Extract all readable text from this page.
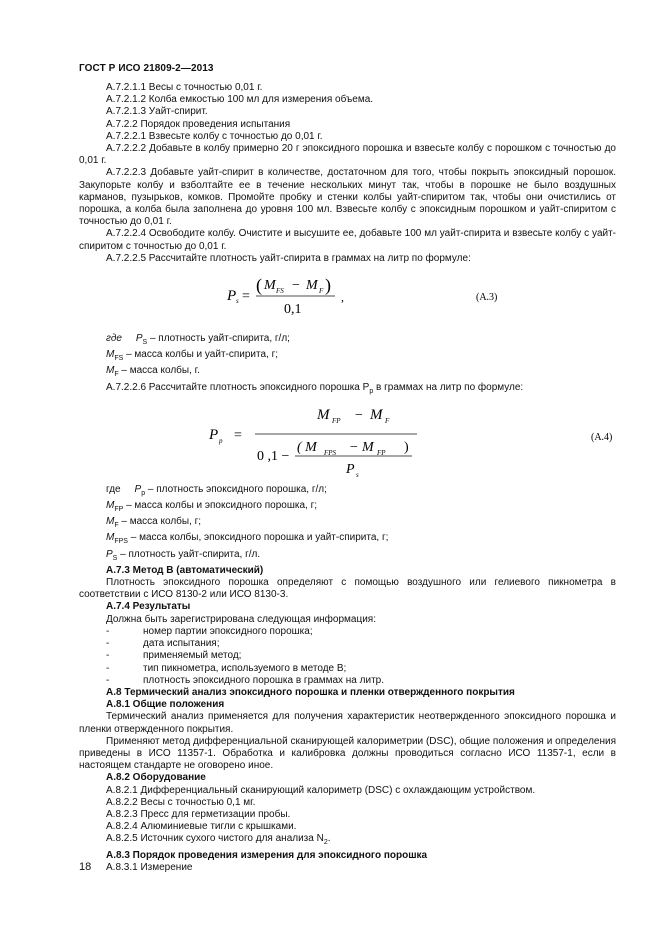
ГОСТ Р ИСО 21809-2—2013

А.7.2.1.1 Весы с точностью 0,01 г.

А.7.2.1.2 Колба емкостью 100 мл для измерения объема.

А.7.2.1.3 Уайт-спирит.

А.7.2.2 Порядок проведения испытания

А.7.2.2.1 Взвесьте колбу с точностью до 0,01 г.

А.7.2.2.2 Добавьте в колбу примерно 20 г эпоксидного порошка и взвесьте колбу с порошком с точностью до 0,01 г.

А.7.2.2.3 Добавьте уайт-спирит в количестве, достаточном для того, чтобы покрыть эпоксидный порошок. Закупорьте колбу и взболтайте ее в течение нескольких минут так, чтобы в порошке не было воздушных карманов, пузырьков, комков. Промойте пробку и стенки колбы уайт-спиритом так, чтобы они очистились от порошка, а колба была заполнена до уровня 100 мл. Взвесьте колбу с эпоксидным порошком и уайт-спиритом с точностью до 0,01 г.

А.7.2.2.4 Освободите колбу. Очистите и высушите ее, добавьте 100 мл уайт-спирита и взвесьте колбу с уайт-спиритом с точностью до 0,01 г.

А.7.2.2.5 Рассчитайте плотность уайт-спирита в граммах на литр по формуле:

P s =
( M FS − M F )
0,1
,	(А.3)
где $P_S$ – плотность уайт-спирита, г/л;
$M_{FS}$ – масса колбы и уайт-спирита, г;
$M_F$ – масса колбы, г.

А.7.2.2.6 Рассчитайте плотность эпоксидного порошка $P_p$ в граммах на литр по формуле:

P p =
M FP − M F
0 ,1 −
( M FPS − M FP )
P s
(А.4)
где $P_p$ – плотность эпоксидного порошка, г/л;
$M_{FP}$ – масса колбы и эпоксидного порошка, г;
$M_F$ – масса колбы, г;
$M_{FPS}$ – масса колбы, эпоксидного порошка и уайт-спирита, г;
$P_S$ – плотность уайт-спирита, г/л.

А.7.3 Метод В (автоматический)

Плотность эпоксидного порошка определяют с помощью воздушного или гелиевого пикнометра в соответствии с ИСО 8130-2 или ИСО 8130-3.

А.7.4 Результаты

Должна быть зарегистрирована следующая информация:

-	номер партии эпоксидного порошка;
-	дата испытания;
-	применяемый метод;
-	тип пикнометра, используемого в методе В;
-	плотность эпоксидного порошка в граммах на литр.

А.8 Термический анализ эпоксидного порошка и пленки отвержденного покрытия

А.8.1 Общие положения

Термический анализ применяется для получения характеристик неотвержденного эпоксидного порошка и пленки отвержденного покрытия.

Применяют метод дифференциальной сканирующей калориметрии (DSC), общие положения и определения приведены в ИСО 11357-1. Обработка и калибровка должны проводиться согласно ИСО 11357-1, если в настоящем стандарте не оговорено иное.

А.8.2 Оборудование

А.8.2.1 Дифференциальный сканирующий калориметр (DSC) с охлаждающим устройством.

А.8.2.2 Весы с точностью 0,1 мг.

А.8.2.3 Пресс для герметизации пробы.

А.8.2.4 Алюминиевые тигли с крышками.

А.8.2.5 Источник сухого чистого для анализа $N_2$.

А.8.3 Порядок проведения измерения для эпоксидного порошка

А.8.3.1 Измерение

18
